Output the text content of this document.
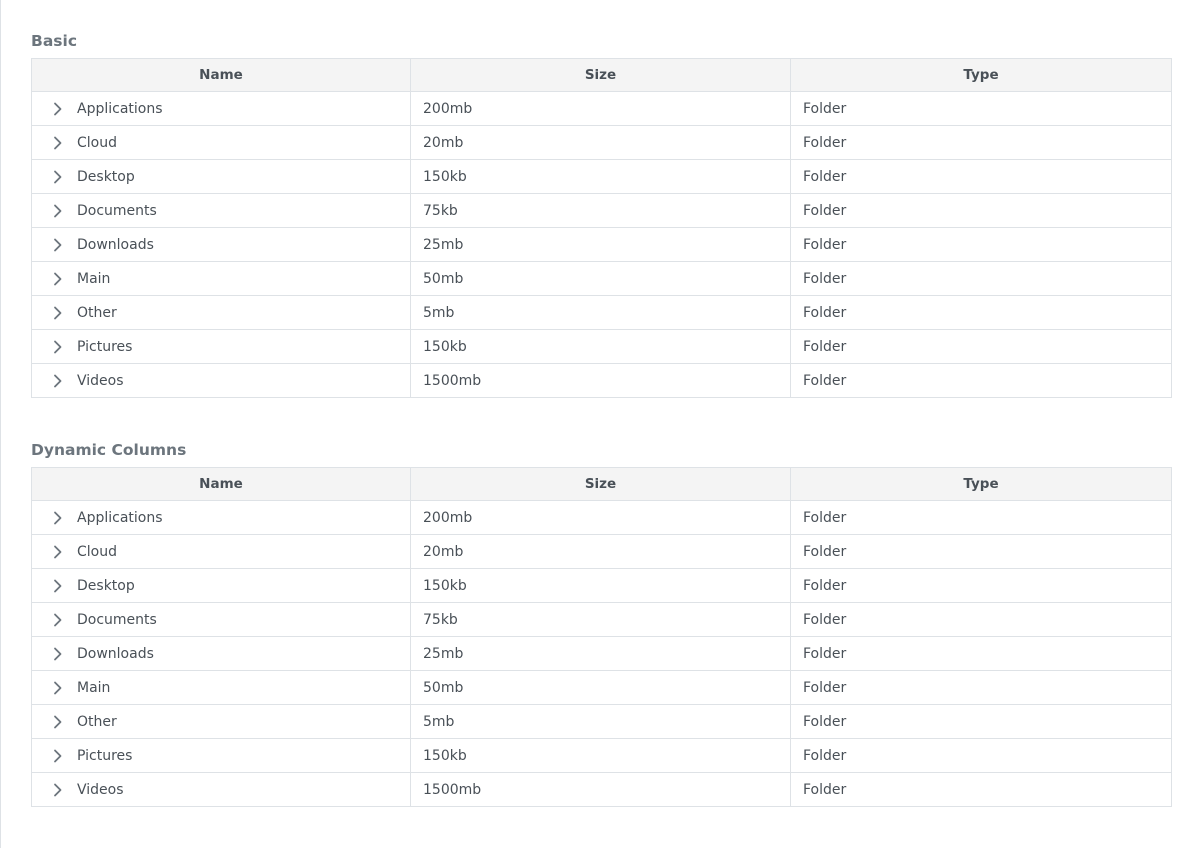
Basic
Name	Size	Type

Applications	200mb	Folder

Cloud	20mb	Folder

Desktop	150kb	Folder

Documents	75kb	Folder

Downloads	25mb	Folder

Main	50mb	Folder

Other	5mb	Folder

Pictures	150kb	Folder

Videos	1500mb	Folder
Dynamic Columns
Name	Size	Type

Applications	200mb	Folder

Cloud	20mb	Folder

Desktop	150kb	Folder

Documents	75kb	Folder

Downloads	25mb	Folder

Main	50mb	Folder

Other	5mb	Folder

Pictures	150kb	Folder

Videos	1500mb	Folder
